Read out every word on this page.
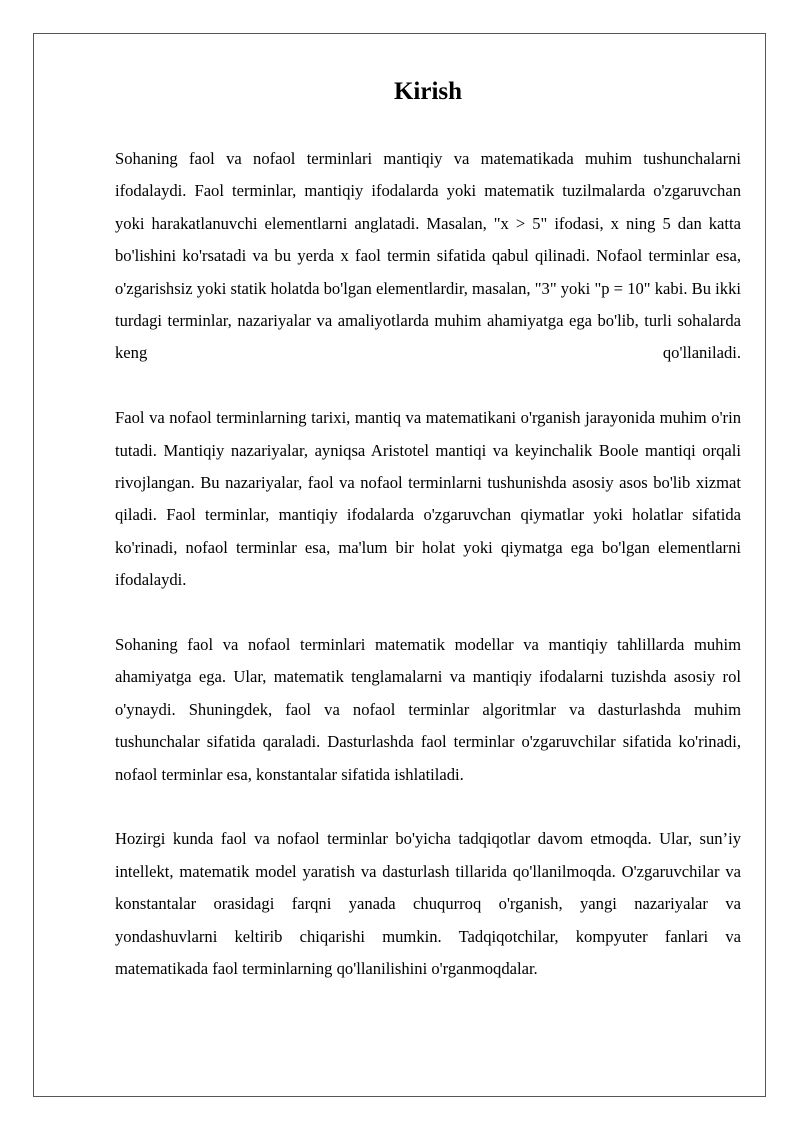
Kirish

Sohaning faol va nofaol terminlari mantiqiy va matematikada muhim tushunchalarni ifodalaydi. Faol terminlar, mantiqiy ifodalarda yoki matematik tuzilmalarda o'zgaruvchan yoki harakatlanuvchi elementlarni anglatadi. Masalan, "x > 5" ifodasi, x ning 5 dan katta bo'lishini ko'rsatadi va bu yerda x faol termin sifatida qabul qilinadi. Nofaol terminlar esa, o'zgarishsiz yoki statik holatda bo'lgan elementlardir, masalan, "3" yoki "p = 10" kabi. Bu ikki turdagi terminlar, nazariyalar va amaliyotlarda muhim ahamiyatga ega bo'lib, turli sohalarda keng qo'llaniladi.

Faol va nofaol terminlarning tarixi, mantiq va matematikani o'rganish jarayonida muhim o'rin tutadi. Mantiqiy nazariyalar, ayniqsa Aristotel mantiqi va keyinchalik Boole mantiqi orqali rivojlangan. Bu nazariyalar, faol va nofaol terminlarni tushunishda asosiy asos bo'lib xizmat qiladi. Faol terminlar, mantiqiy ifodalarda o'zgaruvchan qiymatlar yoki holatlar sifatida ko'rinadi, nofaol terminlar esa, ma'lum bir holat yoki qiymatga ega bo'lgan elementlarni ifodalaydi.

Sohaning faol va nofaol terminlari matematik modellar va mantiqiy tahlillarda muhim ahamiyatga ega. Ular, matematik tenglamalarni va mantiqiy ifodalarni tuzishda asosiy rol o'ynaydi. Shuningdek, faol va nofaol terminlar algoritmlar va dasturlashda muhim tushunchalar sifatida qaraladi. Dasturlashda faol terminlar o'zgaruvchilar sifatida ko'rinadi, nofaol terminlar esa, konstantalar sifatida ishlatiladi.

Hozirgi kunda faol va nofaol terminlar bo'yicha tadqiqotlar davom etmoqda. Ular, sun’iy intellekt, matematik model yaratish va dasturlash tillarida qo'llanilmoqda. O'zgaruvchilar va konstantalar orasidagi farqni yanada chuqurroq o'rganish, yangi nazariyalar va yondashuvlarni keltirib chiqarishi mumkin. Tadqiqotchilar, kompyuter fanlari va matematikada faol terminlarning qo'llanilishini o'rganmoqdalar.
